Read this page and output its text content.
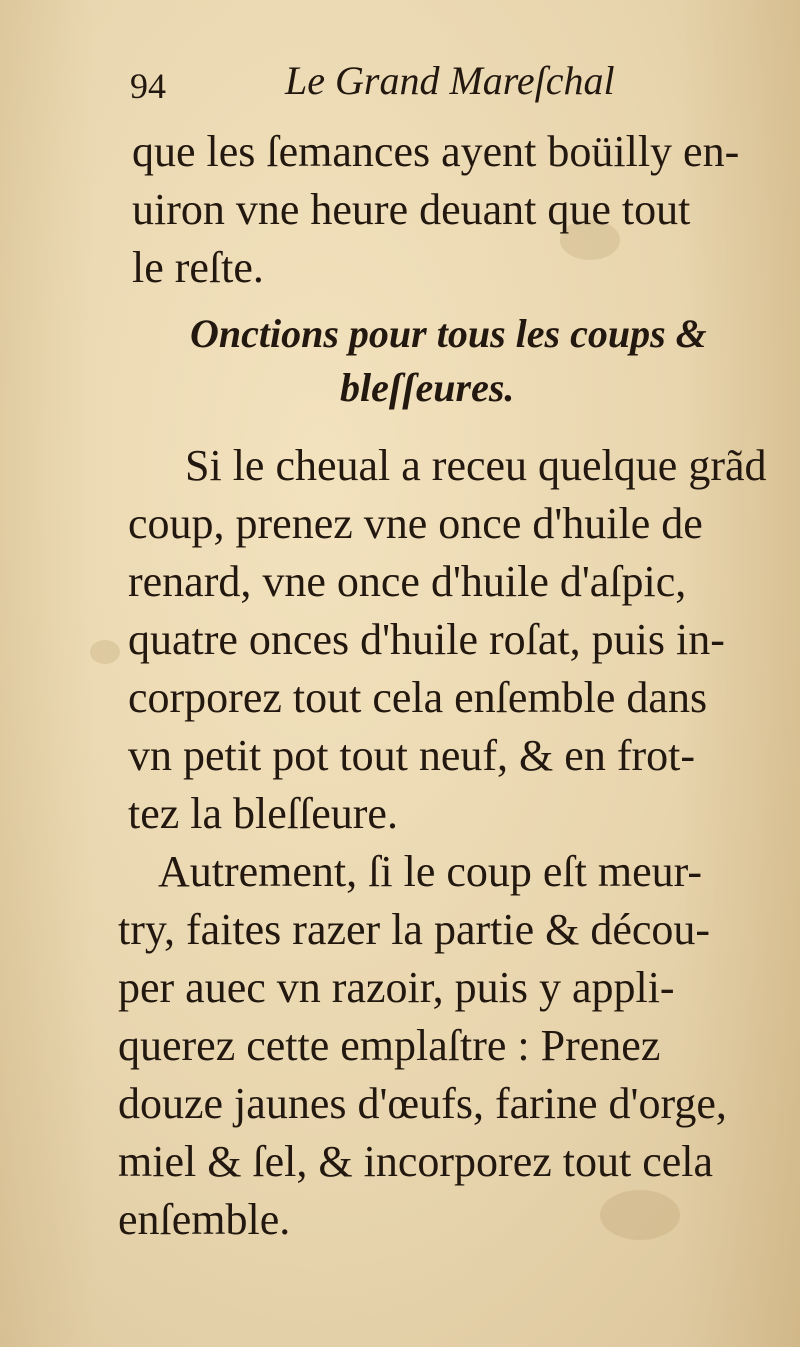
94	Le Grand Mareſchal
que les ſemances ayent boüilly en-
uiron vne heure deuant que tout
le reſte.
Onctions pour tous les coups &
bleſſeures.
Si le cheual a receu quelque grãd
coup, prenez vne once d'huile de
renard, vne once d'huile d'aſpic,
quatre onces d'huile roſat, puis in-
corporez tout cela enſemble dans
vn petit pot tout neuf, & en frot-
tez la bleſſeure.
Autrement, ſi le coup eſt meur-
try, faites razer la partie & décou-
per auec vn razoir, puis y appli-
querez cette emplaſtre : Prenez
douze jaunes d'œufs, farine d'orge,
miel & ſel, & incorporez tout cela
enſemble.
